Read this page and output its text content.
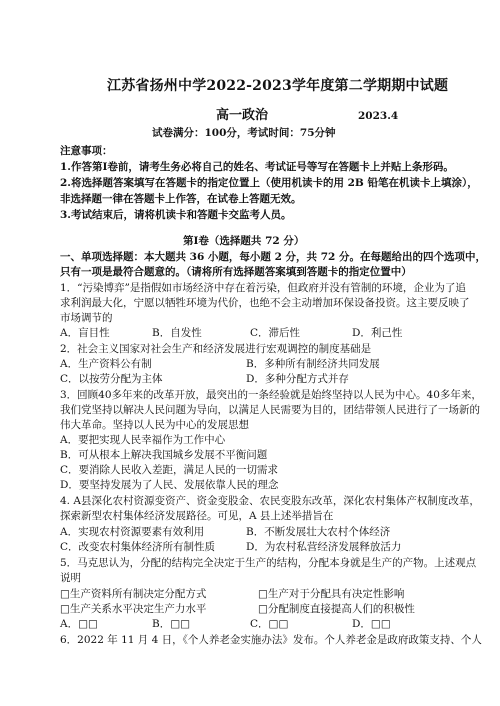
江苏省扬州中学2022-2023学年度第二学期期中试题
高一政治	2023.4
试卷满分：100分，考试时间：75分钟
注意事项：
1.作答第Ⅰ卷前，请考生务必将自己的姓名、考试证号等写在答题卡上并贴上条形码。
2.将选择题答案填写在答题卡的指定位置上（使用机读卡的用 2B 铅笔在机读卡上填涂），
非选择题一律在答题卡上作答，在试卷上答题无效。
3.考试结束后，请将机读卡和答题卡交监考人员。
第Ⅰ卷（选择题共 72 分）
一、单项选择题：本大题共 36 小题，每小题 2 分，共 72 分。在每题给出的四个选项中，
只有一项是最符合题意的。（请将所有选择题答案填到答题卡的指定位置中）
1．“污染博弈”是指假如市场经济中存在着污染，但政府并没有管制的环境，企业为了追
求利润最大化，宁愿以牺牲环境为代价，也绝不会主动增加环保设备投资。这主要反映了
市场调节的
A．盲目性	B．自发性	C．滞后性	D．利己性
2．社会主义国家对社会生产和经济发展进行宏观调控的制度基础是
A．生产资料公有制	B．多种所有制经济共同发展
C．以按劳分配为主体	D．多种分配方式并存
3．回顾40多年来的改革开放，最突出的一条经验就是始终坚持以人民为中心。40多年来，
我们党坚持以解决人民问题为导向，以满足人民需要为目的，团结带领人民进行了一场新的
伟大革命。坚持以人民为中心的发展思想
A．要把实现人民幸福作为工作中心
B．可从根本上解决我国城乡发展不平衡问题
C．要消除人民收入差距，满足人民的一切需求
D．要坚持发展为了人民、发展依靠人民的理念
4. A县深化农村资源变资产、资金变股金、农民变股东改革，深化农村集体产权制度改革，
探索新型农村集体经济发展路径。可见，A 县上述举措旨在
A．实现农村资源要素有效利用	B．不断发展壮大农村个体经济
C．改变农村集体经济所有制性质	D．为农村私营经济发展释放活力
5．马克思认为，分配的结构完全决定于生产的结构，分配本身就是生产的产物。上述观点
说明
□生产资料所有制决定分配方式	□生产对于分配具有决定性影响
□生产关系水平决定生产力水平	□分配制度直接提高人们的积极性
A．□□	B．□□	C．□□	D．□□
6．2022 年 11 月 4 日，《个人养老金实施办法》发布。个人养老金是政府政策支持、个人
